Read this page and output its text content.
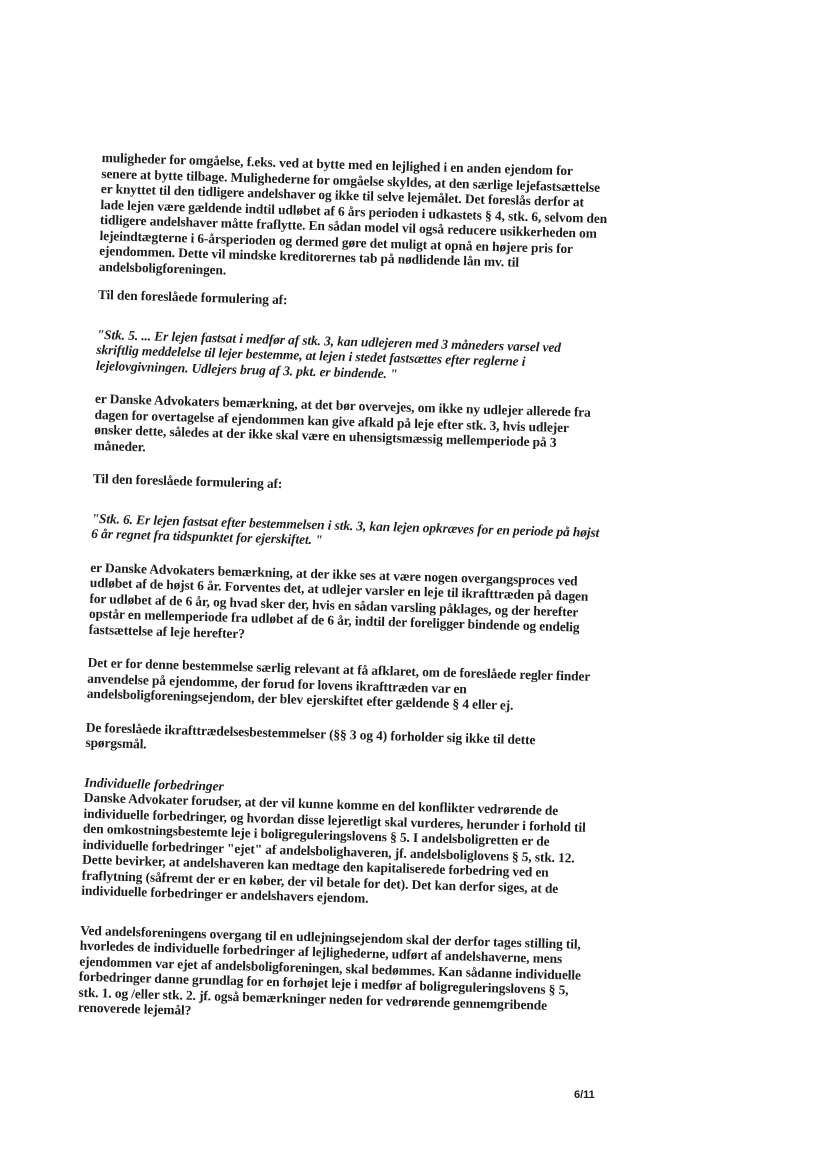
muligheder for omgåelse, f.eks. ved at bytte med en lejlighed i en anden ejendom for senere at bytte tilbage. Mulighederne for omgåelse skyldes, at den særlige lejefastsættelse er knyttet til den tidligere andelshaver og ikke til selve lejemålet. Det foreslås derfor at lade lejen være gældende indtil udløbet af 6 års perioden i udkastets § 4, stk. 6, selvom den tidligere andelshaver måtte fraflytte. En sådan model vil også reducere usikkerheden om lejeindtægterne i 6-årsperioden og dermed gøre det muligt at opnå en højere pris for ejendommen. Dette vil mindske kreditorernes tab på nødlidende lån mv. til andelsboligforeningen.

Til den foreslåede formulering af:

"Stk. 5. ... Er lejen fastsat i medfør af stk. 3, kan udlejeren med 3 måneders varsel ved skriftlig meddelelse til lejer bestemme, at lejen i stedet fastsættes efter reglerne i lejelovgivningen. Udlejers brug af 3. pkt. er bindende. "

er Danske Advokaters bemærkning, at det bør overvejes, om ikke ny udlejer allerede fra dagen for overtagelse af ejendommen kan give afkald på leje efter stk. 3, hvis udlejer ønsker dette, således at der ikke skal være en uhensigtsmæssig mellemperiode på 3 måneder.

Til den foreslåede formulering af:

"Stk. 6. Er lejen fastsat efter bestemmelsen i stk. 3, kan lejen opkræves for en periode på højst 6 år regnet fra tidspunktet for ejerskiftet. "

er Danske Advokaters bemærkning, at der ikke ses at være nogen overgangsproces ved udløbet af de højst 6 år. Forventes det, at udlejer varsler en leje til ikrafttræden på dagen for udløbet af de 6 år, og hvad sker der, hvis en sådan varsling påklages, og der herefter opstår en mellemperiode fra udløbet af de 6 år, indtil der foreligger bindende og endelig fastsættelse af leje herefter?

Det er for denne bestemmelse særlig relevant at få afklaret, om de foreslåede regler finder anvendelse på ejendomme, der forud for lovens ikrafttræden var en andelsboligforeningsejendom, der blev ejerskiftet efter gældende § 4 eller ej.

De foreslåede ikrafttrædelsesbestemmelser (§§ 3 og 4) forholder sig ikke til dette spørgsmål.

Individuelle forbedringer

Danske Advokater forudser, at der vil kunne komme en del konflikter vedrørende de individuelle forbedringer, og hvordan disse lejeretligt skal vurderes, herunder i forhold til den omkostningsbestemte leje i boligreguleringslovens § 5. I andelsboligretten er de individuelle forbedringer "ejet" af andelsbolighaveren, jf. andelsboliglovens § 5, stk. 12. Dette bevirker, at andelshaveren kan medtage den kapitaliserede forbedring ved en fraflytning (såfremt der er en køber, der vil betale for det). Det kan derfor siges, at de individuelle forbedringer er andelshavers ejendom.

Ved andelsforeningens overgang til en udlejningsejendom skal der derfor tages stilling til, hvorledes de individuelle forbedringer af lejlighederne, udført af andelshaverne, mens ejendommen var ejet af andelsboligforeningen, skal bedømmes. Kan sådanne individuelle forbedringer danne grundlag for en forhøjet leje i medfør af boligreguleringslovens § 5, stk. 1. og /eller stk. 2. jf. også bemærkninger neden for vedrørende gennemgribende renoverede lejemål?

6/11
